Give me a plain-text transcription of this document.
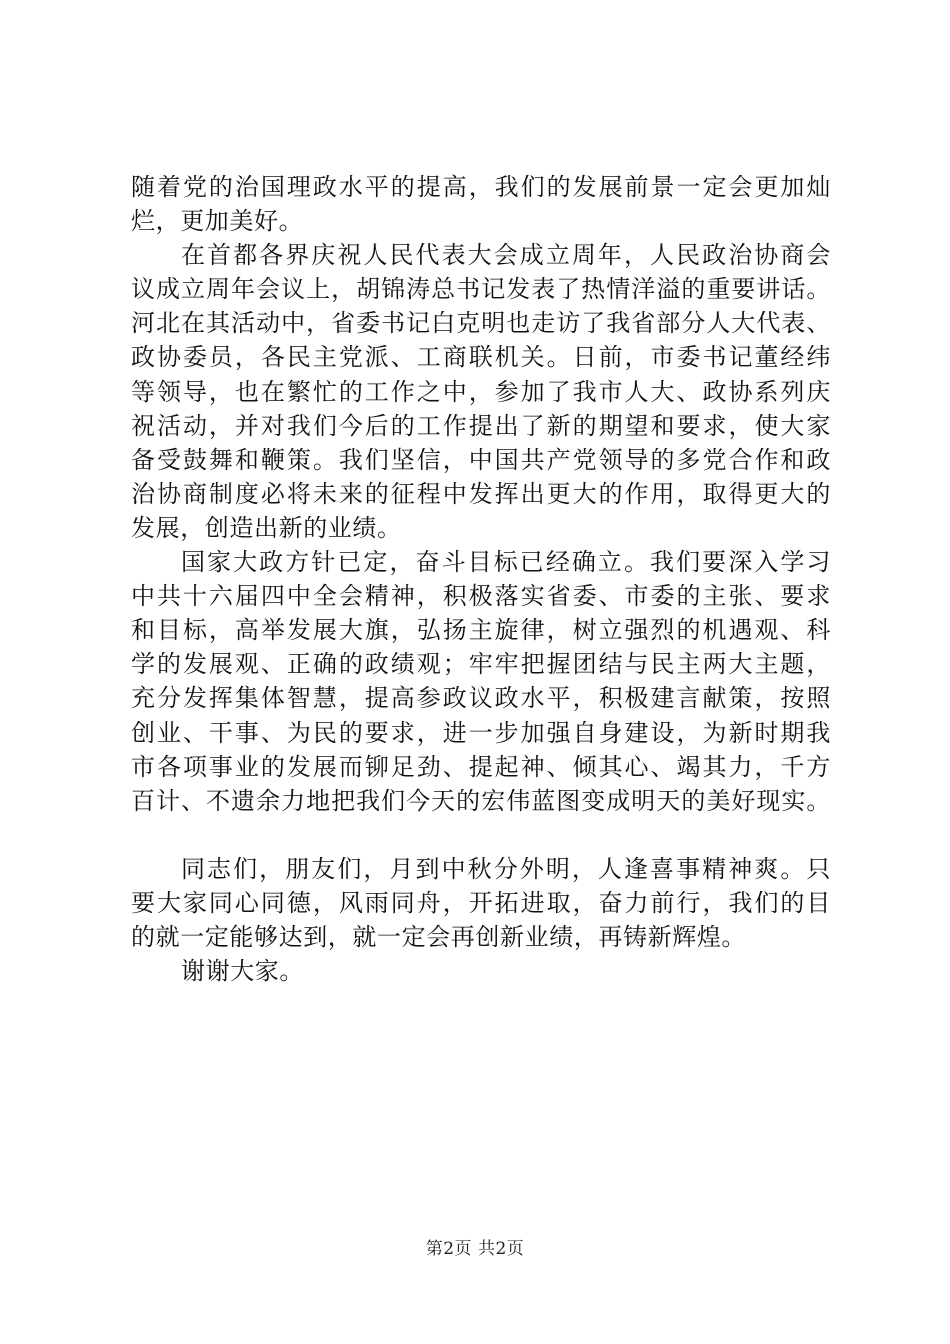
随着党的治国理政水平的提高，我们的发展前景一定会更加灿
烂，更加美好。
在首都各界庆祝人民代表大会成立周年，人民政治协商会
议成立周年会议上，胡锦涛总书记发表了热情洋溢的重要讲话。
河北在其活动中，省委书记白克明也走访了我省部分人大代表、
政协委员，各民主党派、工商联机关。日前，市委书记董经纬
等领导，也在繁忙的工作之中，参加了我市人大、政协系列庆
祝活动，并对我们今后的工作提出了新的期望和要求，使大家
备受鼓舞和鞭策。我们坚信，中国共产党领导的多党合作和政
治协商制度必将未来的征程中发挥出更大的作用，取得更大的
发展，创造出新的业绩。
国家大政方针已定，奋斗目标已经确立。我们要深入学习
中共十六届四中全会精神，积极落实省委、市委的主张、要求
和目标，高举发展大旗，弘扬主旋律，树立强烈的机遇观、科
学的发展观、正确的政绩观；牢牢把握团结与民主两大主题，
充分发挥集体智慧，提高参政议政水平，积极建言献策，按照
创业、干事、为民的要求，进一步加强自身建设，为新时期我
市各项事业的发展而铆足劲、提起神、倾其心、竭其力，千方
百计、不遗余力地把我们今天的宏伟蓝图变成明天的美好现实。
同志们，朋友们，月到中秋分外明，人逢喜事精神爽。只
要大家同心同德，风雨同舟，开拓进取，奋力前行，我们的目
的就一定能够达到，就一定会再创新业绩，再铸新辉煌。
谢谢大家。
第2页 共2页
